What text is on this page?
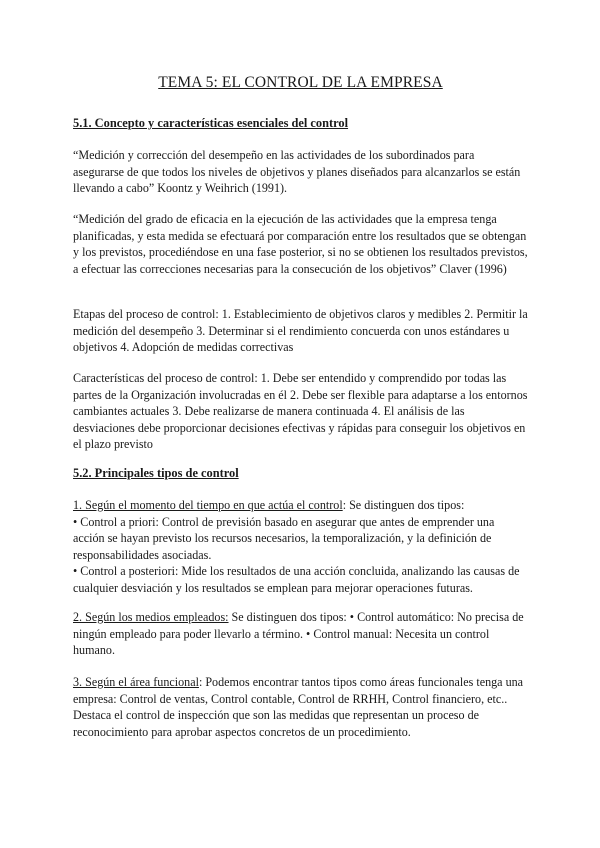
TEMA 5: EL CONTROL DE LA EMPRESA
5.1. Concepto y características esenciales del control

“Medición y corrección del desempeño en las actividades de los subordinados para asegurarse de que todos los niveles de objetivos y planes diseñados para alcanzarlos se están llevando a cabo” Koontz y Weihrich (1991).

“Medición del grado de eficacia en la ejecución de las actividades que la empresa tenga planificadas, y esta medida se efectuará por comparación entre los resultados que se obtengan y los previstos, procediéndose en una fase posterior, si no se obtienen los resultados previstos, a efectuar las correcciones necesarias para la consecución de los objetivos” Claver (1996)

Etapas del proceso de control: 1. Establecimiento de objetivos claros y medibles 2. Permitir la medición del desempeño 3. Determinar si el rendimiento concuerda con unos estándares u objetivos 4. Adopción de medidas correctivas

Características del proceso de control: 1. Debe ser entendido y comprendido por todas las partes de la Organización involucradas en él 2. Debe ser flexible para adaptarse a los entornos cambiantes actuales 3. Debe realizarse de manera continuada 4. El análisis de las desviaciones debe proporcionar decisiones efectivas y rápidas para conseguir los objetivos en el plazo previsto

5.2. Principales tipos de control

1. Según el momento del tiempo en que actúa el control: Se distinguen dos tipos:
• Control a priori: Control de previsión basado en asegurar que antes de emprender una acción se hayan previsto los recursos necesarios, la temporalización, y la definición de responsabilidades asociadas.
• Control a posteriori: Mide los resultados de una acción concluida, analizando las causas de cualquier desviación y los resultados se emplean para mejorar operaciones futuras.

2. Según los medios empleados: Se distinguen dos tipos: • Control automático: No precisa de ningún empleado para poder llevarlo a término. • Control manual: Necesita un control humano.

3. Según el área funcional: Podemos encontrar tantos tipos como áreas funcionales tenga una empresa: Control de ventas, Control contable, Control de RRHH, Control financiero, etc.. Destaca el control de inspección que son las medidas que representan un proceso de reconocimiento para aprobar aspectos concretos de un procedimiento.
